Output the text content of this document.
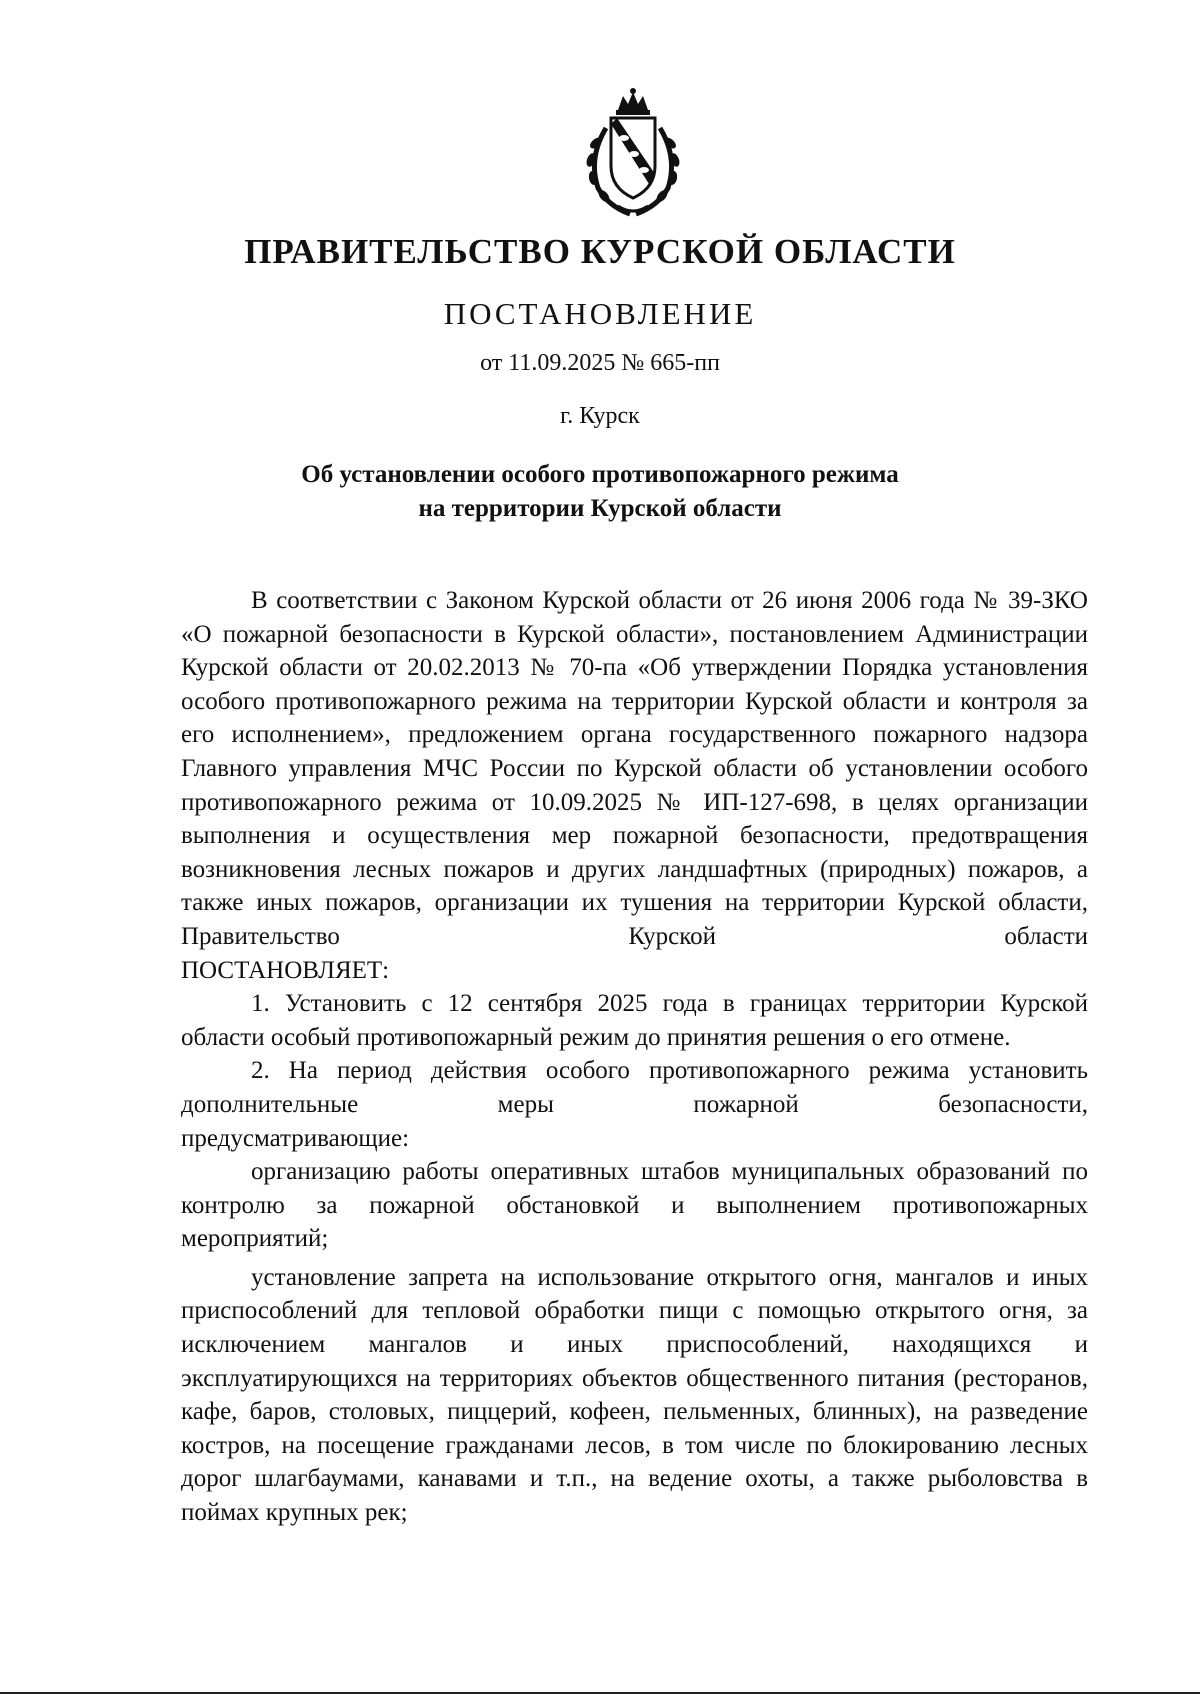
ПРАВИТЕЛЬСТВО КУРСКОЙ ОБЛАСТИ
ПОСТАНОВЛЕНИЕ
от 11.09.2025 № 665-пп
г. Курск
Об установлении особого противопожарного режима
на территории Курской области

В соответствии с Законом Курской области от 26 июня 2006 года № 39-ЗКО «О пожарной безопасности в Курской области», постановлением Администрации Курской области от 20.02.2013 № 70-па «Об утверждении Порядка установления особого противопожарного режима на территории Курской области и контроля за его исполнением», предложением органа государственного пожарного надзора Главного управления МЧС России по Курской области об установлении особого противопожарного режима от 10.09.2025 № ИП-127-698, в целях организации выполнения и осуществления мер пожарной безопасности, предотвращения возникновения лесных пожаров и других ландшафтных (природных) пожаров, а также иных пожаров, организации их тушения на территории Курской области, Правительство Курской области

ПОСТАНОВЛЯЕТ:

1. Установить с 12 сентября 2025 года в границах территории Курской области особый противопожарный режим до принятия решения о его отмене.

2. На период действия особого противопожарного режима установить дополнительные меры пожарной безопасности,

предусматривающие:

организацию работы оперативных штабов муниципальных образований по контролю за пожарной обстановкой и выполнением противопожарных мероприятий;

установление запрета на использование открытого огня, мангалов и иных приспособлений для тепловой обработки пищи с помощью открытого огня, за исключением мангалов и иных приспособлений, находящихся и эксплуатирующихся на территориях объектов общественного питания (ресторанов, кафе, баров, столовых, пиццерий, кофеен, пельменных, блинных), на разведение костров, на посещение гражданами лесов, в том числе по блокированию лесных дорог шлагбаумами, канавами и т.п., на ведение охоты, а также рыболовства в поймах крупных рек;
